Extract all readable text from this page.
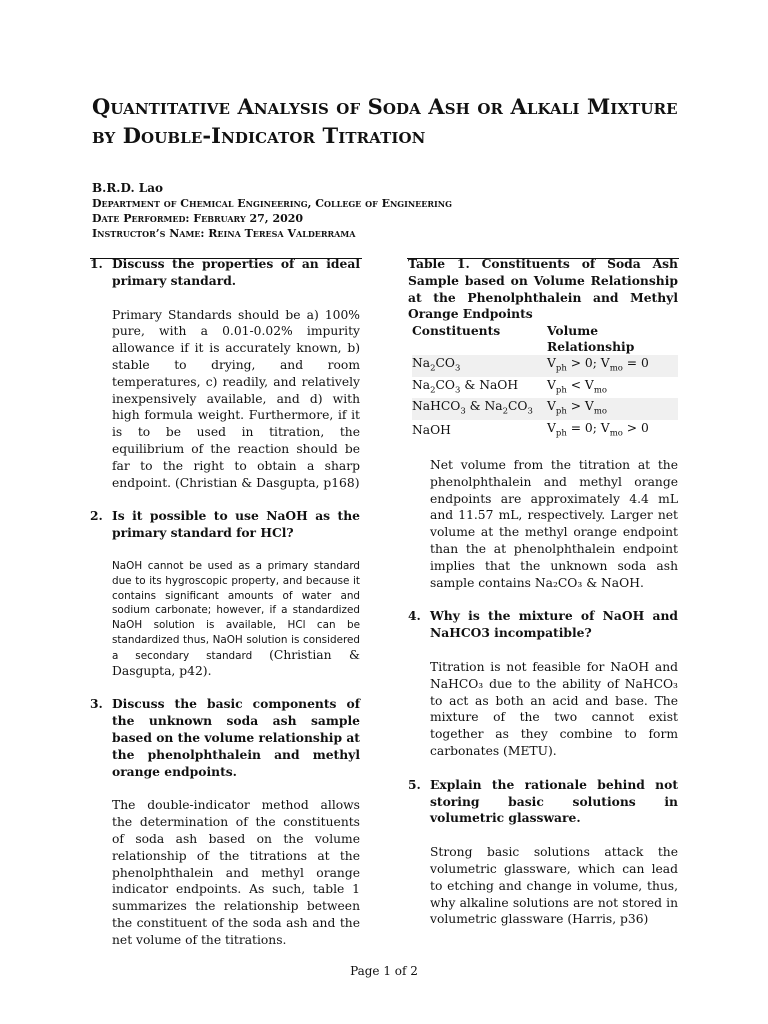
Quantitative Analysis of Soda Ash or Alkali Mixture by Double-Indicator Titration
B.R.D. Lao
Department of Chemical Engineering, College of Engineering
Date Performed: February 27, 2020
Instructor’s Name: Reina Teresa Valderrama
1. Discuss the properties of an ideal primary standard.
Primary Standards should be a) 100% pure, with a 0.01-0.02% impurity allowance if it is accurately known, b) stable to drying, and room temperatures, c) readily, and relatively inexpensively available, and d) with high formula weight. Furthermore, if it is to be used in titration, the equilibrium of the reaction should be far to the right to obtain a sharp endpoint. (Christian & Dasgupta, p168)
2. Is it possible to use NaOH as the primary standard for HCl?
NaOH cannot be used as a primary standard due to its hygroscopic property, and because it contains significant amounts of water and sodium carbonate; however, if a standardized NaOH solution is available, HCl can be standardized thus, NaOH solution is considered a secondary standard (Christian & Dasgupta, p42).
3. Discuss the basic components of the unknown soda ash sample based on the volume relationship at the phenolphthalein and methyl orange endpoints.
The double-indicator method allows the determination of the constituents of soda ash based on the volume relationship of the titrations at the phenolphthalein and methyl orange indicator endpoints. As such, table 1 summarizes the relationship between the constituent of the soda ash and the net volume of the titrations.
Table 1. Constituents of Soda Ash Sample based on Volume Relationship at the Phenolphthalein and Methyl Orange Endpoints
Constituents	Volume Relationship
$Na_2CO_3$	$V_{ph} > 0$; $V_{mo} = 0$
$Na_2CO_3$ & NaOH	$V_{ph} < V_{mo}$
NaHCO$_3$ & $Na_2CO_3$	$V_{ph} > V_{mo}$
NaOH	$V_{ph} = 0$; $V_{mo} > 0$
Net volume from the titration at the phenolphthalein and methyl orange endpoints are approximately 4.4 mL and 11.57 mL, respectively. Larger net volume at the methyl orange endpoint than the at phenolphthalein endpoint implies that the unknown soda ash sample contains Na₂CO₃ & NaOH.
4. Why is the mixture of NaOH and NaHCO3 incompatible?
Titration is not feasible for NaOH and NaHCO₃ due to the ability of NaHCO₃ to act as both an acid and base. The mixture of the two cannot exist together as they combine to form carbonates (METU).
5. Explain the rationale behind not storing basic solutions in volumetric glassware.
Strong basic solutions attack the volumetric glassware, which can lead to etching and change in volume, thus, why alkaline solutions are not stored in volumetric glassware (Harris, p36)
Page 1 of 2
